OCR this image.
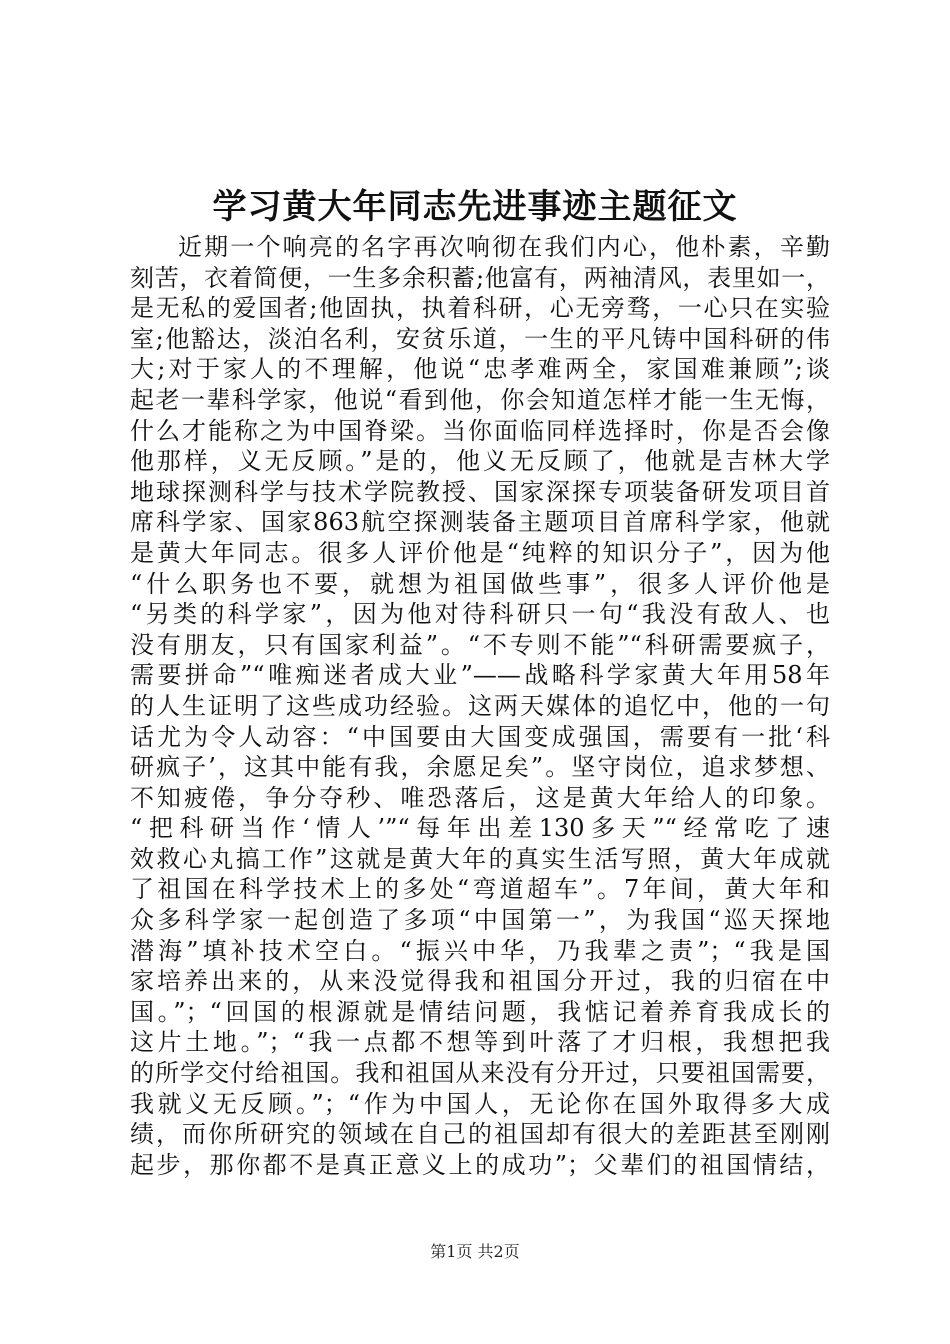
学习黄大年同志先进事迹主题征文
近期一个响亮的名字再次响彻在我们内心，他朴素，辛勤
刻苦，衣着简便，一生多余积蓄;他富有，两袖清风，表里如一，
是无私的爱国者;他固执，执着科研，心无旁骛，一心只在实验
室;他豁达，淡泊名利，安贫乐道，一生的平凡铸中国科研的伟
大;对于家人的不理解，他说“忠孝难两全，家国难兼顾”;谈
起老一辈科学家，他说“看到他，你会知道怎样才能一生无悔，
什么才能称之为中国脊梁。当你面临同样选择时，你是否会像
他那样，义无反顾。”是的，他义无反顾了，他就是吉林大学
地球探测科学与技术学院教授、国家深探专项装备研发项目首
席科学家、国家863航空探测装备主题项目首席科学家，他就
是黄大年同志。很多人评价他是“纯粹的知识分子”，因为他
“什么职务也不要，就想为祖国做些事”，很多人评价他是
“另类的科学家”，因为他对待科研只一句“我没有敌人、也
没有朋友，只有国家利益”。“不专则不能”“科研需要疯子，
需要拼命”“唯痴迷者成大业”——战略科学家黄大年用58年
的人生证明了这些成功经验。这两天媒体的追忆中，他的一句
话尤为令人动容：“中国要由大国变成强国，需要有一批‘科
研疯子’，这其中能有我，余愿足矣”。坚守岗位，追求梦想、
不知疲倦，争分夺秒、唯恐落后，这是黄大年给人的印象。
“把科研当作‘情人’”“每年出差130多天”“经常吃了速
效救心丸搞工作”这就是黄大年的真实生活写照，黄大年成就
了祖国在科学技术上的多处“弯道超车”。7年间，黄大年和
众多科学家一起创造了多项“中国第一”，为我国“巡天探地
潜海”填补技术空白。“振兴中华，乃我辈之责”；“我是国
家培养出来的，从来没觉得我和祖国分开过，我的归宿在中
国。”；“回国的根源就是情结问题，我惦记着养育我成长的
这片土地。”；“我一点都不想等到叶落了才归根，我想把我
的所学交付给祖国。我和祖国从来没有分开过，只要祖国需要，
我就义无反顾。”；“作为中国人，无论你在国外取得多大成
绩，而你所研究的领域在自己的祖国却有很大的差距甚至刚刚
起步，那你都不是真正意义上的成功”；父辈们的祖国情结，
第1页 共2页
